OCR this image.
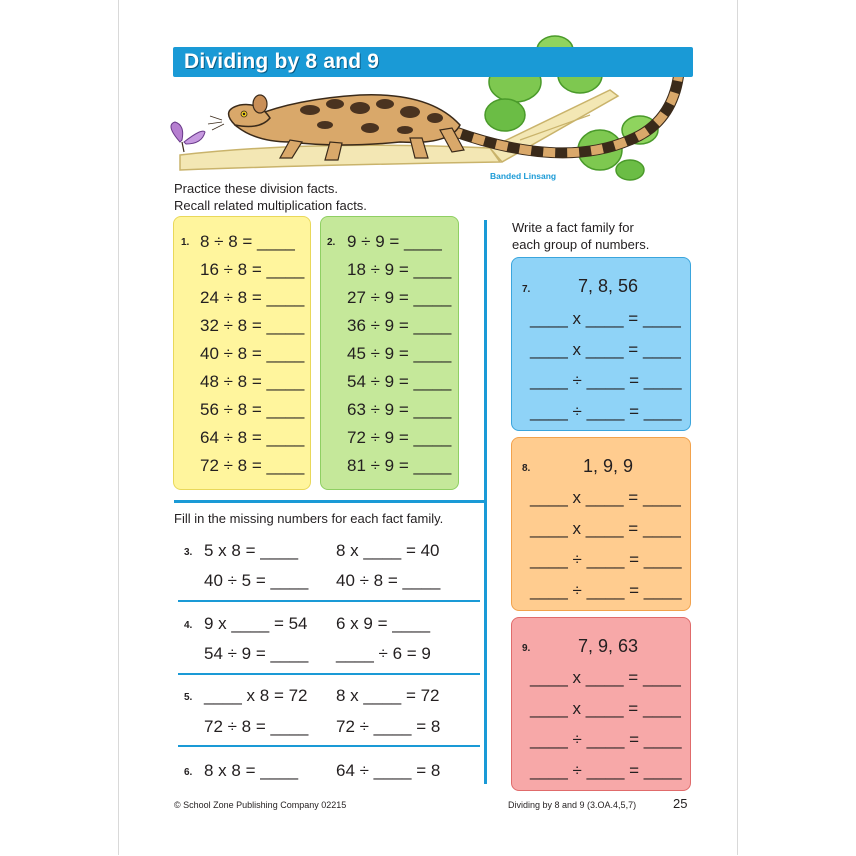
Dividing by 8 and 9
Banded Linsang
Practice these division facts.
Recall related multiplication facts.
1. 8 ÷ 8 = ____
16 ÷ 8 = ____
24 ÷ 8 = ____
32 ÷ 8 = ____
40 ÷ 8 = ____
48 ÷ 8 = ____
56 ÷ 8 = ____
64 ÷ 8 = ____
72 ÷ 8 = ____
2. 9 ÷ 9 = ____
18 ÷ 9 = ____
27 ÷ 9 = ____
36 ÷ 9 = ____
45 ÷ 9 = ____
54 ÷ 9 = ____
63 ÷ 9 = ____
72 ÷ 9 = ____
81 ÷ 9 = ____
Fill in the missing numbers for each fact family.
3. 5 x 8 = ____ 8 x ____ = 40
40 ÷ 5 = ____ 40 ÷ 8 = ____
4. 9 x ____ = 54 6 x 9 = ____
54 ÷ 9 = ____ ____ ÷ 6 = 9
5. ____ x 8 = 72 8 x ____ = 72
72 ÷ 8 = ____ 72 ÷ ____ = 8
6. 8 x 8 = ____ 64 ÷ ____ = 8
Write a fact family for
each group of numbers.
7.	7, 8, 56
____ x ____ = ____
____ x ____ = ____
____ ÷ ____ = ____
____ ÷ ____ = ____
8.	1, 9, 9
____ x ____ = ____
____ x ____ = ____
____ ÷ ____ = ____
____ ÷ ____ = ____
9.	7, 9, 63
____ x ____ = ____
____ x ____ = ____
____ ÷ ____ = ____
____ ÷ ____ = ____
© School Zone Publishing Company 02215	Dividing by 8 and 9 (3.OA.4,5,7)	25
